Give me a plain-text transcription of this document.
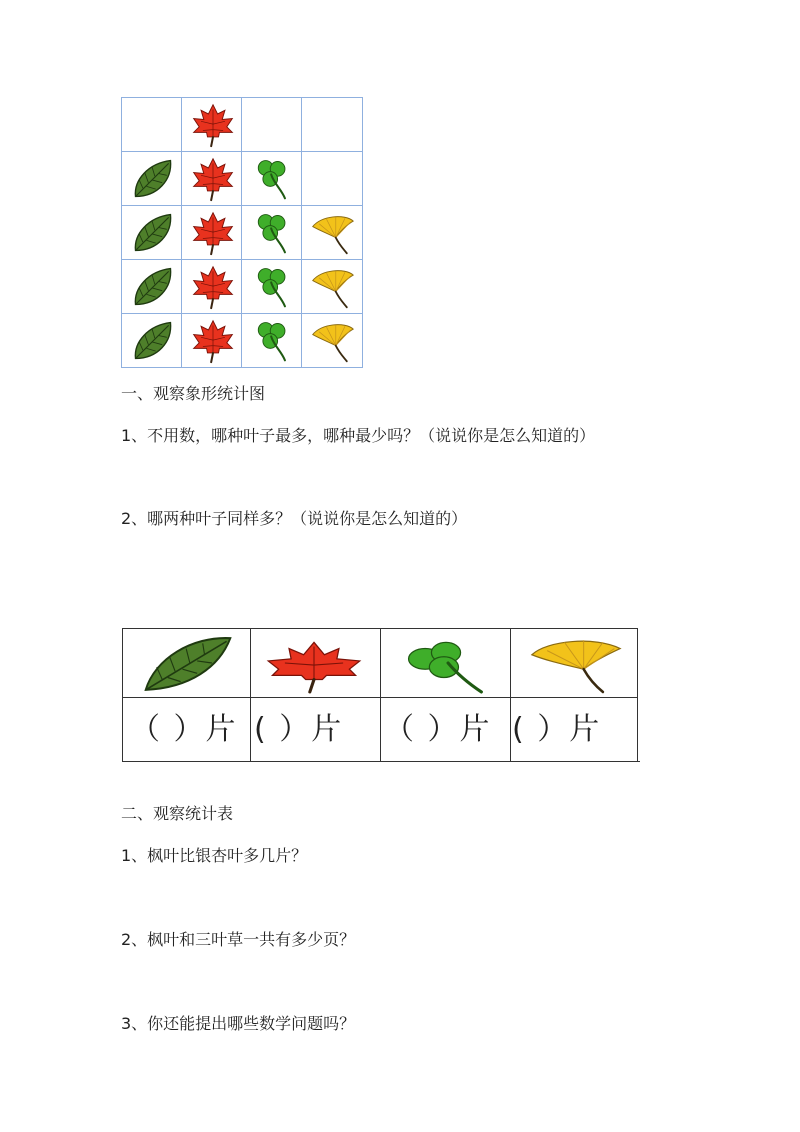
一、观察象形统计图
1、不用数，哪种叶子最多，哪种最少吗？（说说你是怎么知道的）
2、哪两种叶子同样多？（说说你是怎么知道的）
（ ）片 ( ）片 （ ）片 ( ）片
二、观察统计表
1、枫叶比银杏叶多几片？
2、枫叶和三叶草一共有多少页？
3、你还能提出哪些数学问题吗？
